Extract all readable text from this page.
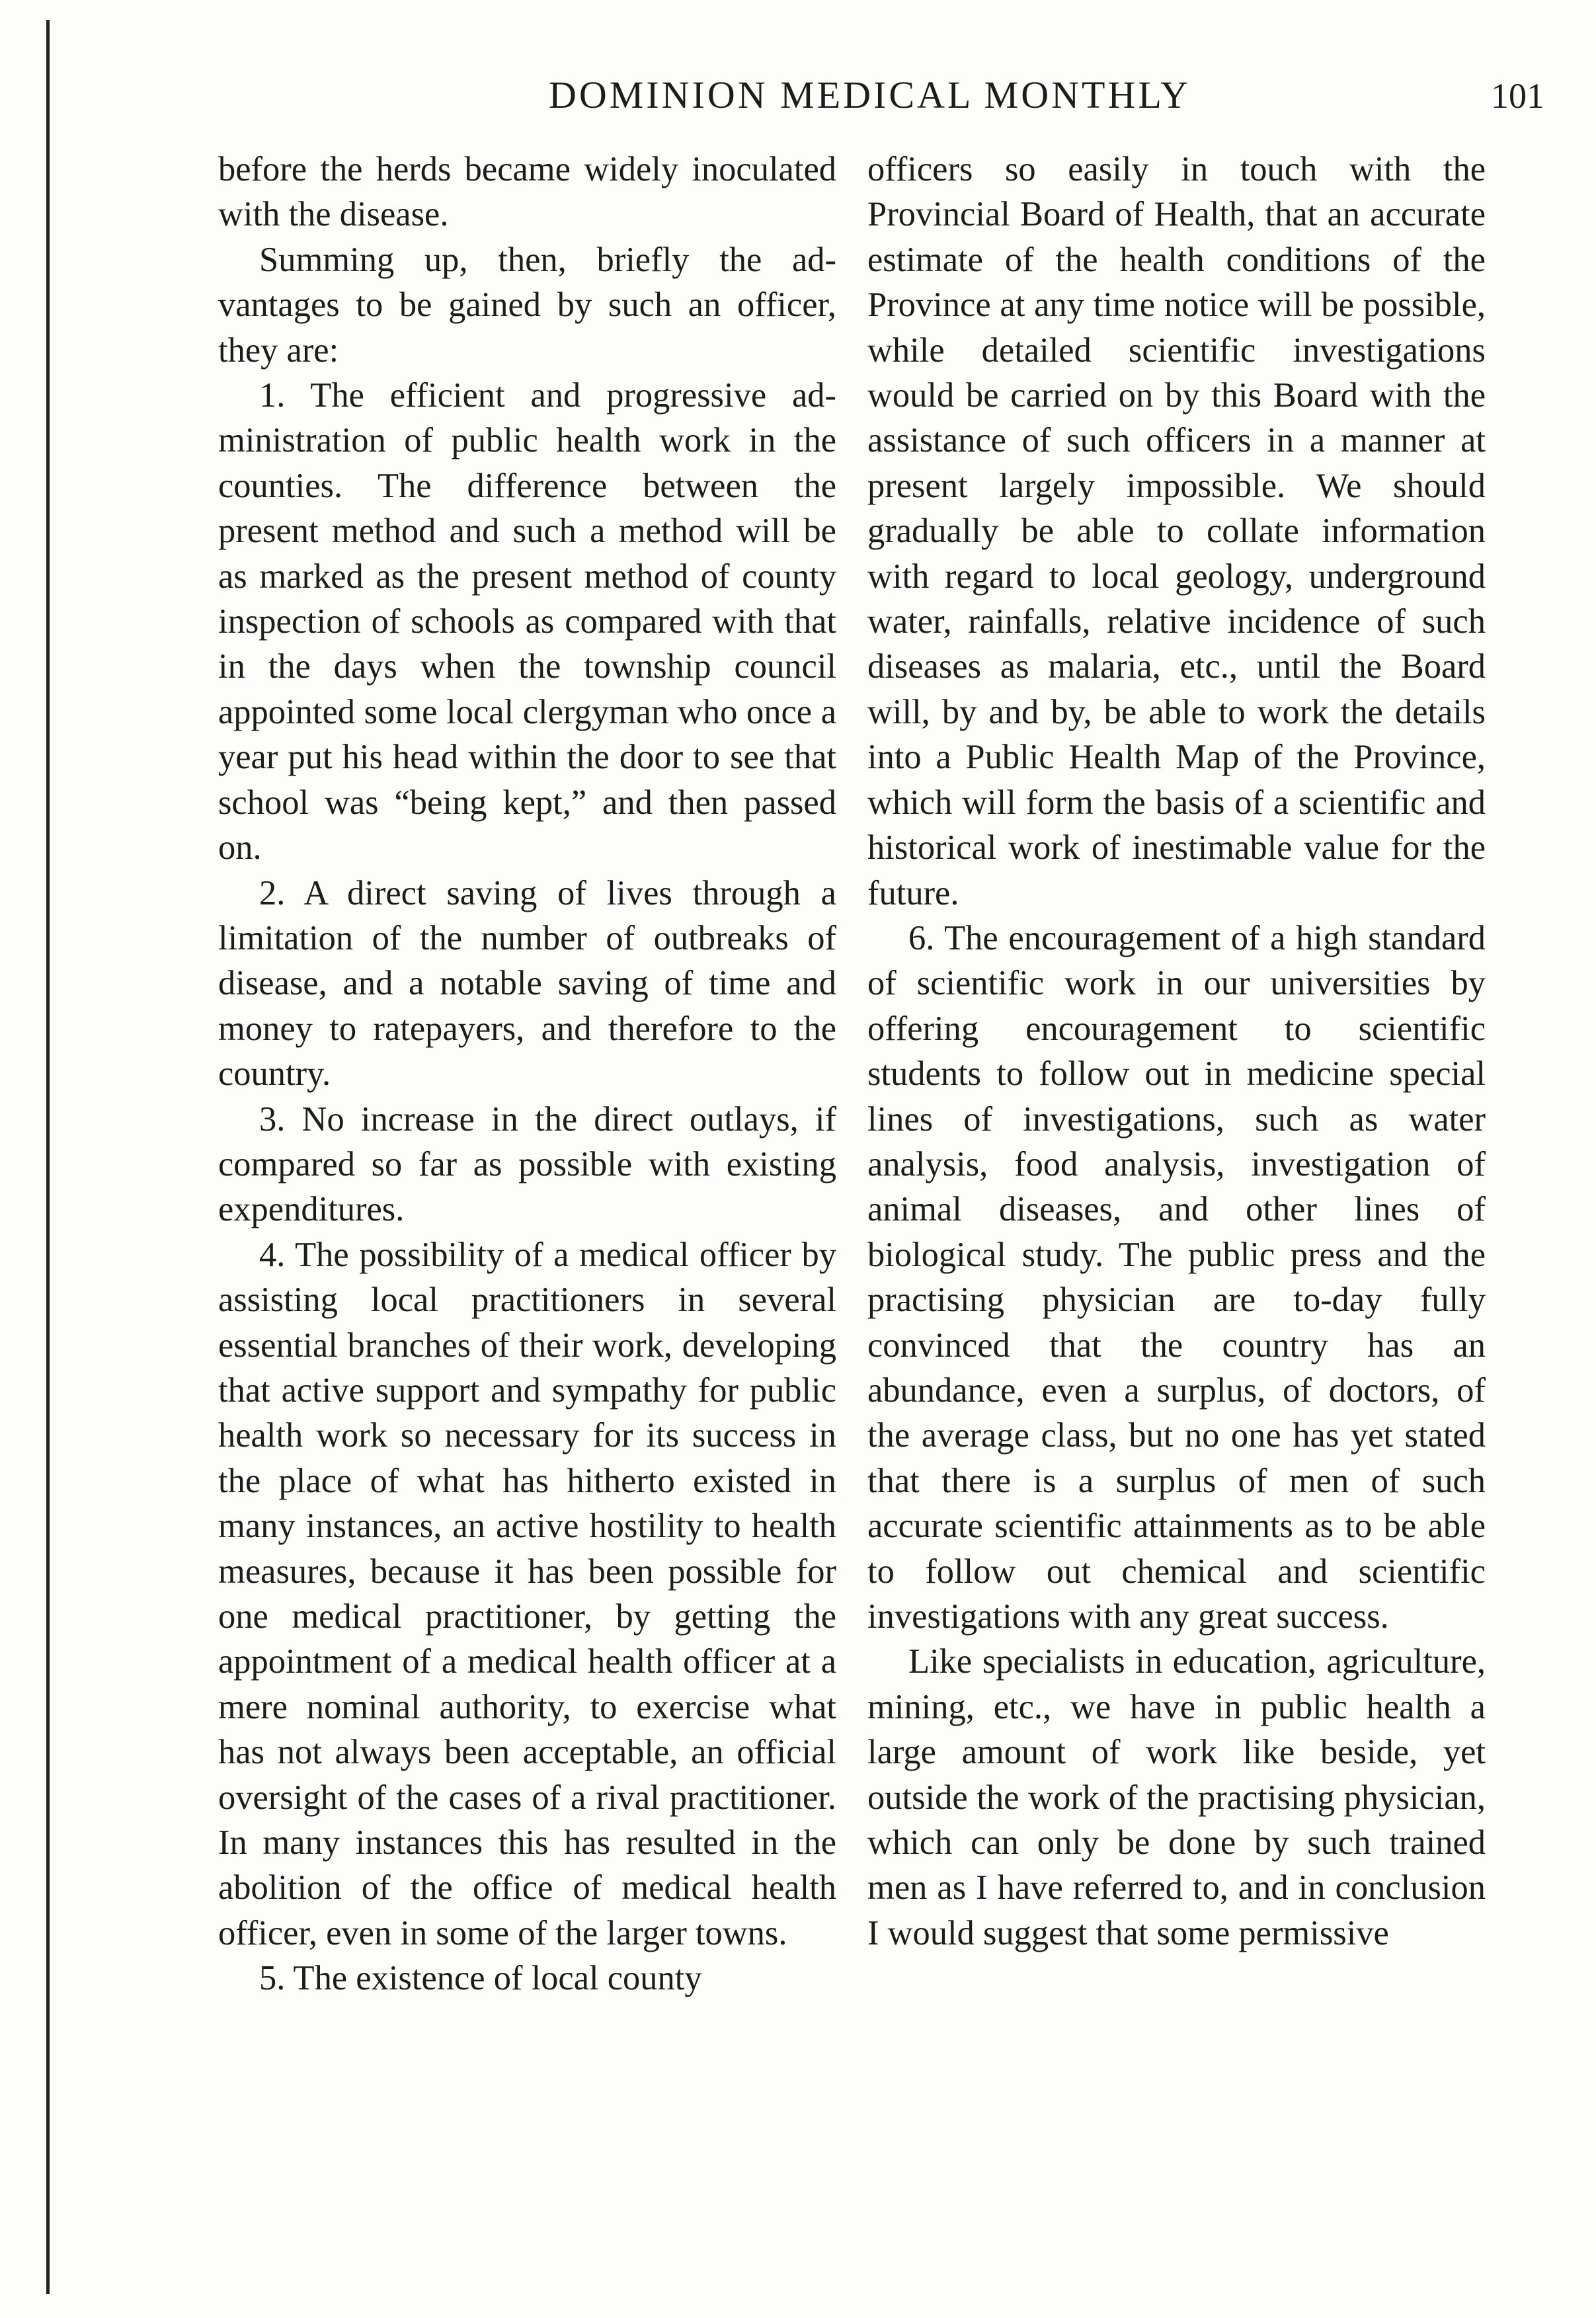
DOMINION MEDICAL MONTHLY	101

before the herds became widely inoculated with the disease.

Summing up, then, briefly the advantages to be gained by such an officer, they are:

1. The efficient and progressive administration of public health work in the counties. The difference between the present method and such a method will be as marked as the present method of county inspection of schools as compared with that in the days when the township council appointed some local clergyman who once a year put his head within the door to see that school was “being kept,” and then passed on.

2. A direct saving of lives through a limitation of the number of outbreaks of disease, and a notable saving of time and money to ratepayers, and therefore to the country.

3. No increase in the direct outlays, if compared so far as possible with existing expenditures.

4. The possibility of a medical officer by assisting local practitioners in several essential branches of their work, developing that active support and sympathy for public health work so necessary for its success in the place of what has hitherto existed in many instances, an active hostility to health measures, because it has been possible for one medical practitioner, by getting the appointment of a medical health officer at a mere nominal authority, to exercise what has not always been acceptable, an official oversight of the cases of a rival practitioner. In many instances this has resulted in the abolition of the office of medical health officer, even in some of the larger towns.

5. The existence of local county

officers so easily in touch with the Provincial Board of Health, that an accurate estimate of the health conditions of the Province at any time notice will be possible, while detailed scientific investigations would be carried on by this Board with the assistance of such officers in a manner at present largely impossible. We should gradually be able to collate information with regard to local geology, underground water, rainfalls, relative incidence of such diseases as malaria, etc., until the Board will, by and by, be able to work the details into a Public Health Map of the Province, which will form the basis of a scientific and historical work of inestimable value for the future.

6. The encouragement of a high standard of scientific work in our universities by offering encouragement to scientific students to follow out in medicine special lines of investigations, such as water analysis, food analysis, investigation of animal diseases, and other lines of biological study. The public press and the practising physician are to-day fully convinced that the country has an abundance, even a surplus, of doctors, of the average class, but no one has yet stated that there is a surplus of men of such accurate scientific attainments as to be able to follow out chemical and scientific investigations with any great success.

Like specialists in education, agriculture, mining, etc., we have in public health a large amount of work like beside, yet outside the work of the practising physician, which can only be done by such trained men as I have referred to, and in conclusion I would suggest that some permissive
